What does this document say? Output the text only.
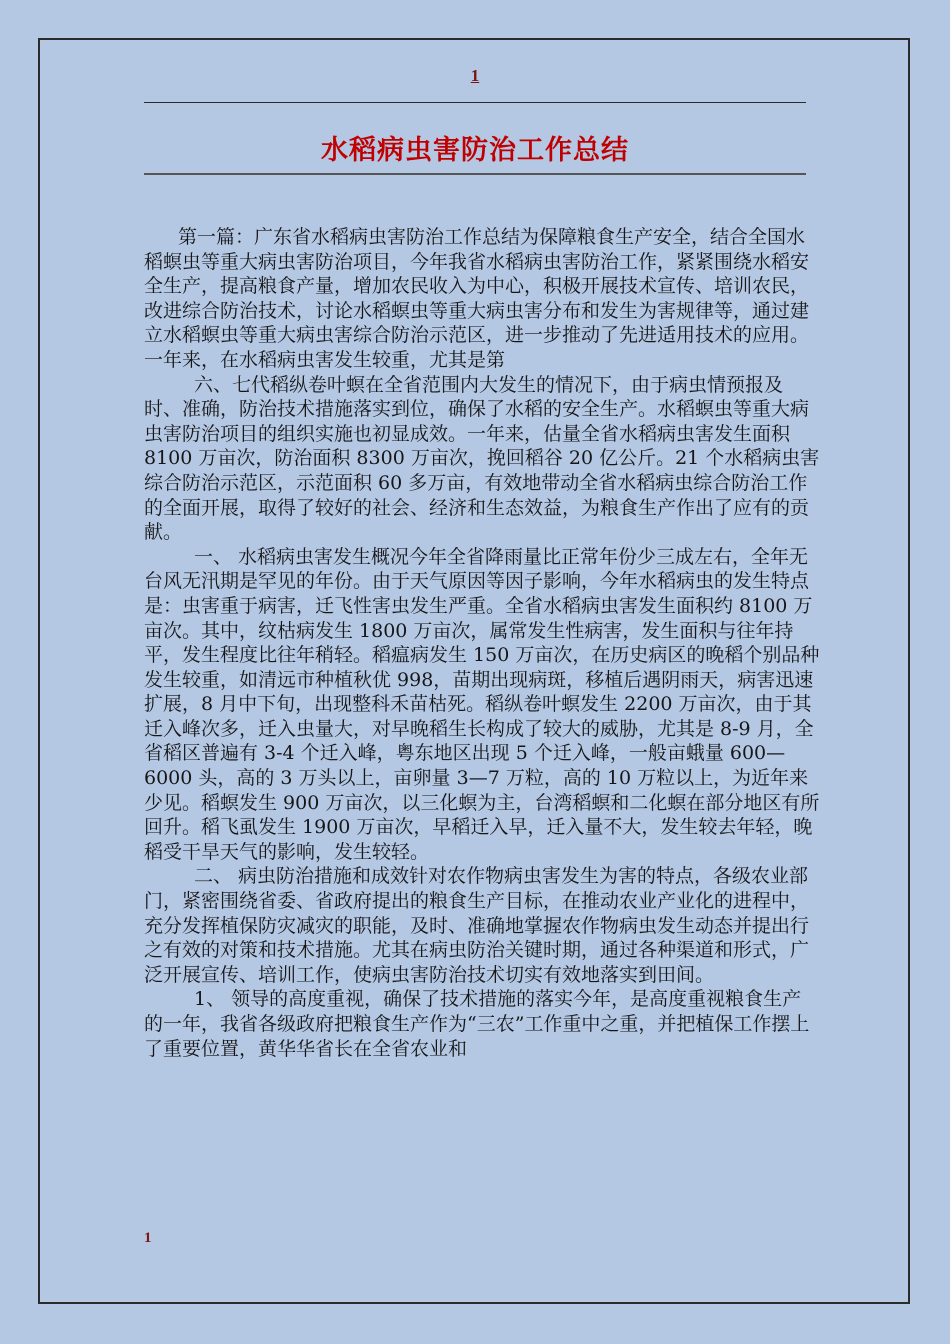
1
水稻病虫害防治工作总结

第一篇：广东省水稻病虫害防治工作总结为保障粮食生产安全，结合全国水稻螟虫等重大病虫害防治项目，今年我省水稻病虫害防治工作，紧紧围绕水稻安全生产，提高粮食产量，增加农民收入为中心，积极开展技术宣传、培训农民，改进综合防治技术，讨论水稻螟虫等重大病虫害分布和发生为害规律等，通过建立水稻螟虫等重大病虫害综合防治示范区，进一步推动了先进适用技术的应用。一年来，在水稻病虫害发生较重，尤其是第

六、七代稻纵卷叶螟在全省范围内大发生的情况下，由于病虫情预报及时、准确，防治技术措施落实到位，确保了水稻的安全生产。水稻螟虫等重大病虫害防治项目的组织实施也初显成效。一年来，估量全省水稻病虫害发生面积 8100 万亩次，防治面积 8300 万亩次，挽回稻谷 20 亿公斤。21 个水稻病虫害综合防治示范区，示范面积 60 多万亩，有效地带动全省水稻病虫综合防治工作的全面开展，取得了较好的社会、经济和生态效益，为粮食生产作出了应有的贡献。

一、 水稻病虫害发生概况今年全省降雨量比正常年份少三成左右，全年无台风无汛期是罕见的年份。由于天气原因等因子影响，今年水稻病虫的发生特点是：虫害重于病害，迁飞性害虫发生严重。全省水稻病虫害发生面积约 8100 万亩次。其中，纹枯病发生 1800 万亩次，属常发生性病害，发生面积与往年持平，发生程度比往年稍轻。稻瘟病发生 150 万亩次，在历史病区的晚稻个别品种发生较重，如清远市种植秋优 998，苗期出现病斑，移植后遇阴雨天，病害迅速扩展，8 月中下旬，出现整科禾苗枯死。稻纵卷叶螟发生 2200 万亩次，由于其迁入峰次多，迁入虫量大，对早晚稻生长构成了较大的威胁，尤其是 8-9 月，全省稻区普遍有 3-4 个迁入峰，粤东地区出现 5 个迁入峰，一般亩蛾量 600—6000 头，高的 3 万头以上，亩卵量 3—7 万粒，高的 10 万粒以上，为近年来少见。稻螟发生 900 万亩次，以三化螟为主，台湾稻螟和二化螟在部分地区有所回升。稻飞虱发生 1900 万亩次，早稻迁入早，迁入量不大，发生较去年轻，晚稻受干旱天气的影响，发生较轻。

二、 病虫防治措施和成效针对农作物病虫害发生为害的特点，各级农业部门，紧密围绕省委、省政府提出的粮食生产目标，在推动农业产业化的进程中，充分发挥植保防灾减灾的职能，及时、准确地掌握农作物病虫发生动态并提出行之有效的对策和技术措施。尤其在病虫防治关键时期，通过各种渠道和形式，广泛开展宣传、培训工作，使病虫害防治技术切实有效地落实到田间。

1、 领导的高度重视，确保了技术措施的落实今年，是高度重视粮食生产的一年，我省各级政府把粮食生产作为“三农”工作重中之重，并把植保工作摆上了重要位置，黄华华省长在全省农业和

1
